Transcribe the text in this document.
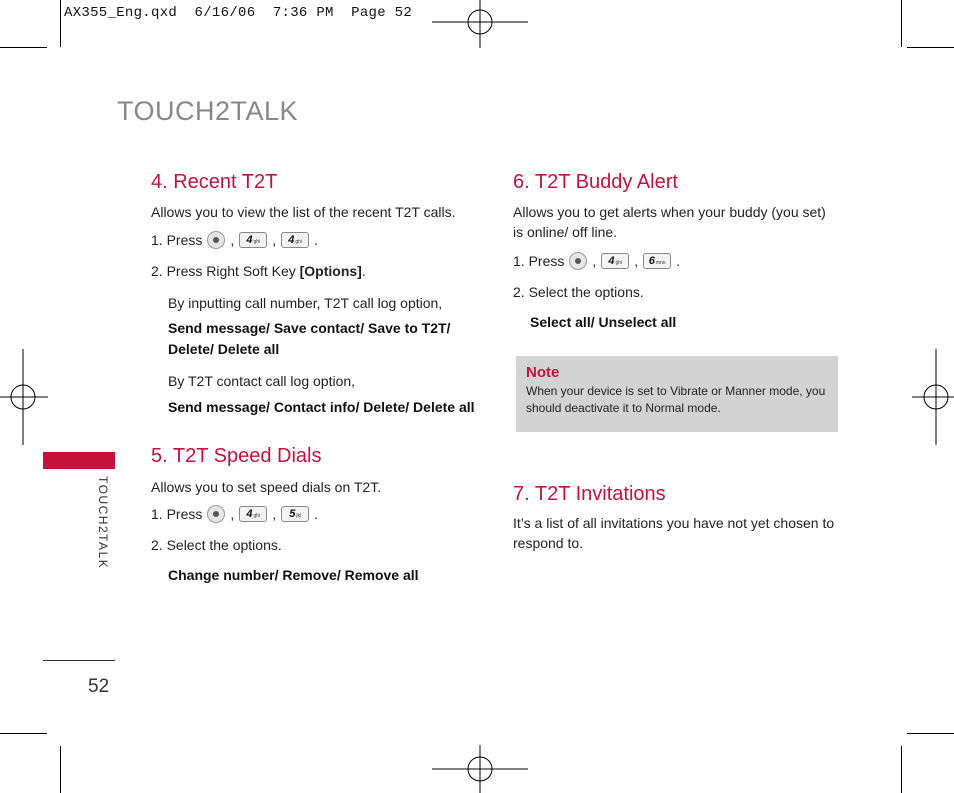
AX355_Eng.qxd  6/16/06  7:36 PM  Page 52
TOUCH2TALK
TOUCH2TALK
52
4. Recent T2T

Allows you to view the list of the recent T2T calls.

1. Press , 4 ghi , 4 ghi .

2. Press Right Soft Key [Options].

By inputting call number, T2T call log option,

Send message/ Save contact/ Save to T2T/

Delete/ Delete all

By T2T contact call log option,

Send message/ Contact info/ Delete/ Delete all

5. T2T Speed Dials

Allows you to set speed dials on T2T.

1. Press , 4 ghi , 5 jkl .

2. Select the options.

Change number/ Remove/ Remove all

6. T2T Buddy Alert

Allows you to get alerts when your buddy (you set)

is online/ off line.

1. Press , 4 ghi , 6 mno .

2. Select the options.

Select all/ Unselect all

Note

When your device is set to Vibrate or Manner mode, you

should deactivate it to Normal mode.

7. T2T Invitations

It’s a list of all invitations you have not yet chosen to

respond to.
